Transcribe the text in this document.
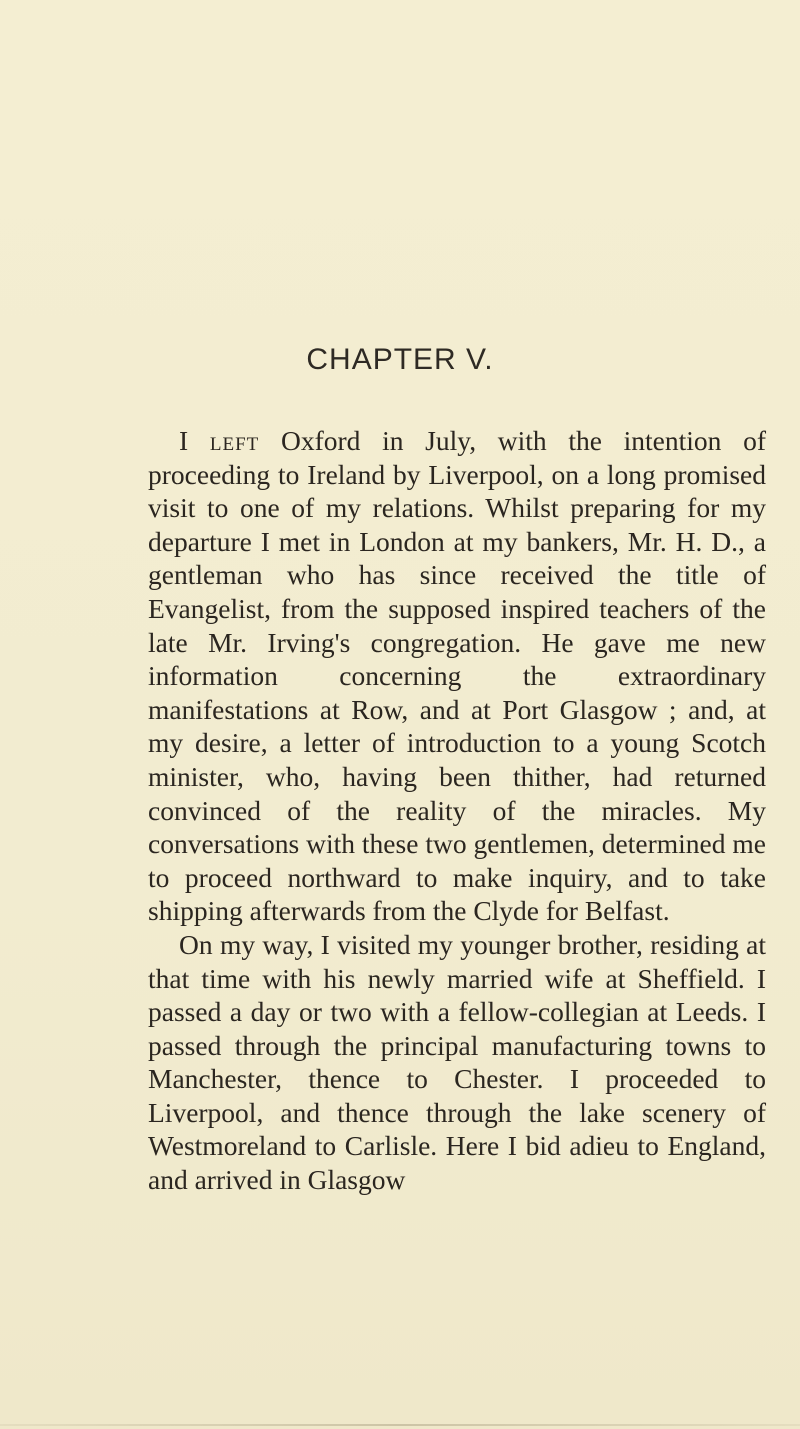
CHAPTER V.

I left Oxford in July, with the intention of proceeding to Ireland by Liverpool, on a long promised visit to one of my relations. Whilst preparing for my departure I met in London at my bankers, Mr. H. D., a gentleman who has since received the title of Evangelist, from the supposed inspired teachers of the late Mr. Irving's congregation. He gave me new information concerning the extraordinary manifestations at Row, and at Port Glasgow ; and, at my desire, a letter of introduction to a young Scotch minister, who, having been thither, had returned convinced of the reality of the miracles. My conversations with these two gentlemen, determined me to proceed northward to make inquiry, and to take shipping afterwards from the Clyde for Belfast.

On my way, I visited my younger brother, residing at that time with his newly married wife at Sheffield. I passed a day or two with a fellow-collegian at Leeds. I passed through the principal manufacturing towns to Manchester, thence to Chester. I proceeded to Liverpool, and thence through the lake scenery of Westmoreland to Carlisle. Here I bid adieu to England, and arrived in Glasgow
